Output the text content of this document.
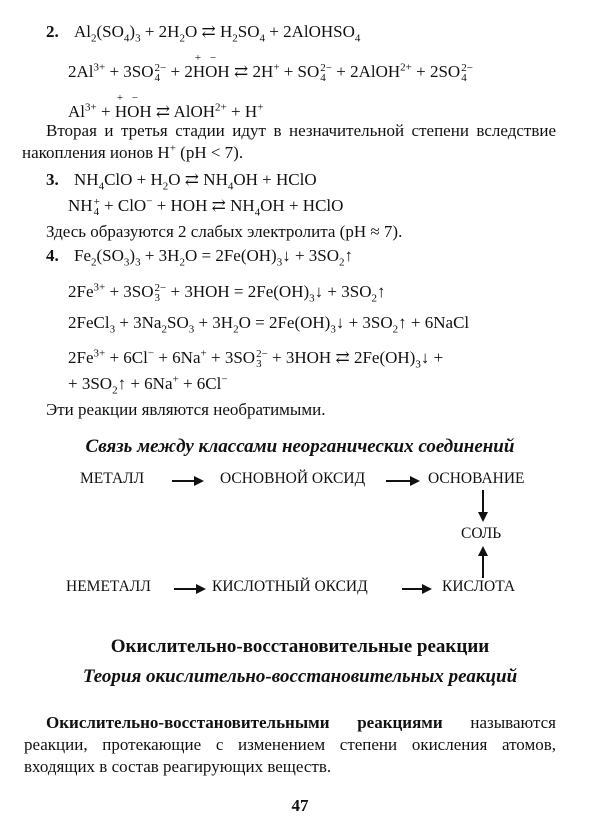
2. $Al_2(SO_4)_3 + 2H_2O$ ⇄ $H_2SO_4$ + 2AlOHSO$_4$
$2Al^{3+} + 3SO$ 2−
4 + 2H
+
OH
−
⇄ 2H+ + SO 2−
4 + 2AlOH$^{2+}$ + 2SO 2−
4
$Al^{3+} + H$
+
OH
−
⇄ AlOH$^{2+}$ + H+
Вторая и третья стадии идут в незначительной степени вследствие накопления ионов H+ (pH < 7).
3. $NH_4ClO + H_2O$ ⇄ $NH_4OH$ + HClO
NH +
4 + ClO− + HOH ⇄ $NH_4OH$ + HClO
Здесь образуются 2 слабых электролита (pH ≈ 7).
4. $Fe_2(SO_3)_3 + 3H_2O$ = $2Fe(OH)_3↓$ + $3SO_2↑$
$2Fe^{3+} + 3SO$ 2−
$3 + 3HOH = 2Fe(OH)_3↓$ + $3SO_2↑$
2FeCl$_3$ + $3Na_2SO_3 + 3H_2O$ = $2Fe(OH)_3↓$ + $3SO_2↑$ + 6NaCl
$2Fe^{3+} + 6Cl^- + 6Na^+ + 3SO$ 2−
3 + 3HOH ⇄ $2Fe(OH)_3↓$ +
+ $3SO_2↑ + 6Na^+ + 6Cl^-$
Эти реакции являются необратимыми.
Связь между классами неорганических соединений
МЕТАЛЛ	ОСНОВНОЙ ОКСИД	ОСНОВАНИЕ
СОЛЬ
НЕМЕТАЛЛ	КИСЛОТНЫЙ ОКСИД	КИСЛОТА
Окислительно-восстановительные реакции
Теория окислительно-восстановительных реакций
Окислительно-восстановительными реакциями называются реакции, протекающие с изменением степени окисления атомов, входящих в состав реагирующих веществ.
47
